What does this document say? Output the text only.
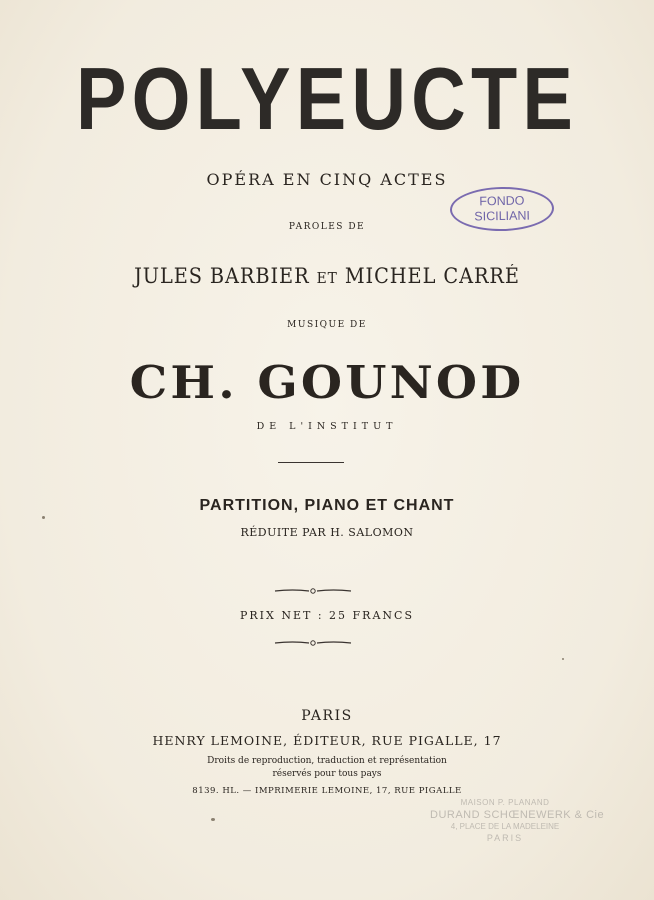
POLYEUCTE
OPÉRA EN CINQ ACTES
FONDO
SICILIANI
PAROLES DE
JULES BARBIER ET MICHEL CARRÉ
MUSIQUE DE
CH. GOUNOD
DE L'INSTITUT
PARTITION, PIANO ET CHANT
RÉDUITE PAR H. SALOMON
PRIX NET : 25 FRANCS
PARIS
HENRY LEMOINE, ÉDITEUR, RUE PIGALLE, 17
Droits de reproduction, traduction et représentation
réservés pour tous pays
8139. HL. — IMPRIMERIE LEMOINE, 17, RUE PIGALLE
MAISON P. PLANAND
DURAND SCHŒNEWERK & Cie
4, PLACE DE LA MADELEINE
PARIS
